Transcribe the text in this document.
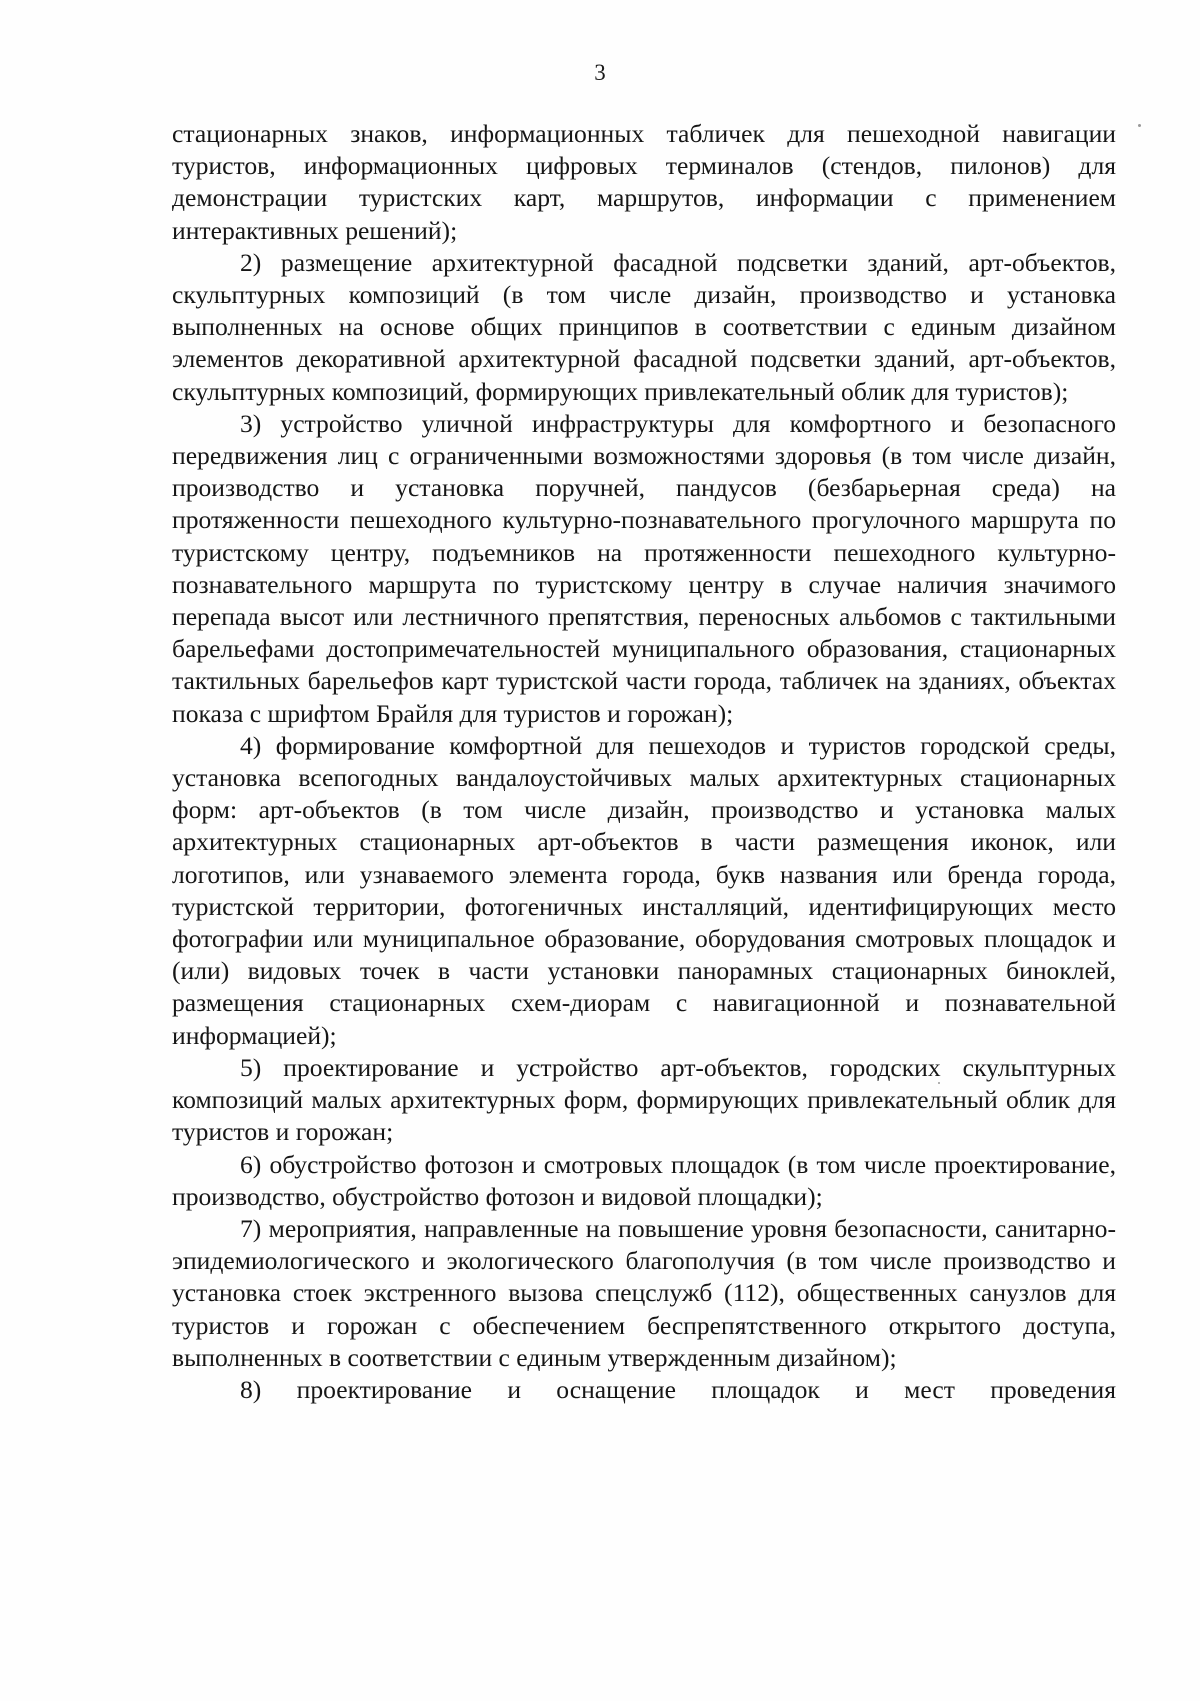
3

стационарных знаков, информационных табличек для пешеходной навигации туристов, информационных цифровых терминалов (стендов, пилонов) для демонстрации туристских карт, маршрутов, информации с применением интерактивных решений);

2) размещение архитектурной фасадной подсветки зданий, арт-объектов, скульптурных композиций (в том числе дизайн, производство и установка выполненных на основе общих принципов в соответствии с единым дизайном элементов декоративной архитектурной фасадной подсветки зданий, арт-объектов, скульптурных композиций, формирующих привлекательный облик для туристов);

3) устройство уличной инфраструктуры для комфортного и безопасного передвижения лиц с ограниченными возможностями здоровья (в том числе дизайн, производство и установка поручней, пандусов (безбарьерная среда) на протяженности пешеходного культурно-познавательного прогулочного маршрута по туристскому центру, подъемников на протяженности пешеходного культурно-познавательного маршрута по туристскому центру в случае наличия значимого перепада высот или лестничного препятствия, переносных альбомов с тактильными барельефами достопримечательностей муниципального образования, стационарных тактильных барельефов карт туристской части города, табличек на зданиях, объектах показа с шрифтом Брайля для туристов и горожан);

4) формирование комфортной для пешеходов и туристов городской среды, установка всепогодных вандалоустойчивых малых архитектурных стационарных форм: арт-объектов (в том числе дизайн, производство и установка малых архитектурных стационарных арт-объектов в части размещения иконок, или логотипов, или узнаваемого элемента города, букв названия или бренда города, туристской территории, фотогеничных инсталляций, идентифицирующих место фотографии или муниципальное образование, оборудования смотровых площадок и (или) видовых точек в части установки панорамных стационарных биноклей, размещения стационарных схем-диорам с навигационной и познавательной информацией);

5) проектирование и устройство арт-объектов, городских скульптурных композиций малых архитектурных форм, формирующих привлекательный облик для туристов и горожан;

6) обустройство фотозон и смотровых площадок (в том числе проектирование, производство, обустройство фотозон и видовой площадки);

7) мероприятия, направленные на повышение уровня безопасности, санитарно-эпидемиологического и экологического благополучия (в том числе производство и установка стоек экстренного вызова спецслужб (112), общественных санузлов для туристов и горожан с обеспечением беспрепятственного открытого доступа, выполненных в соответствии с единым утвержденным дизайном);

8) проектирование и оснащение площадок и мест проведения
